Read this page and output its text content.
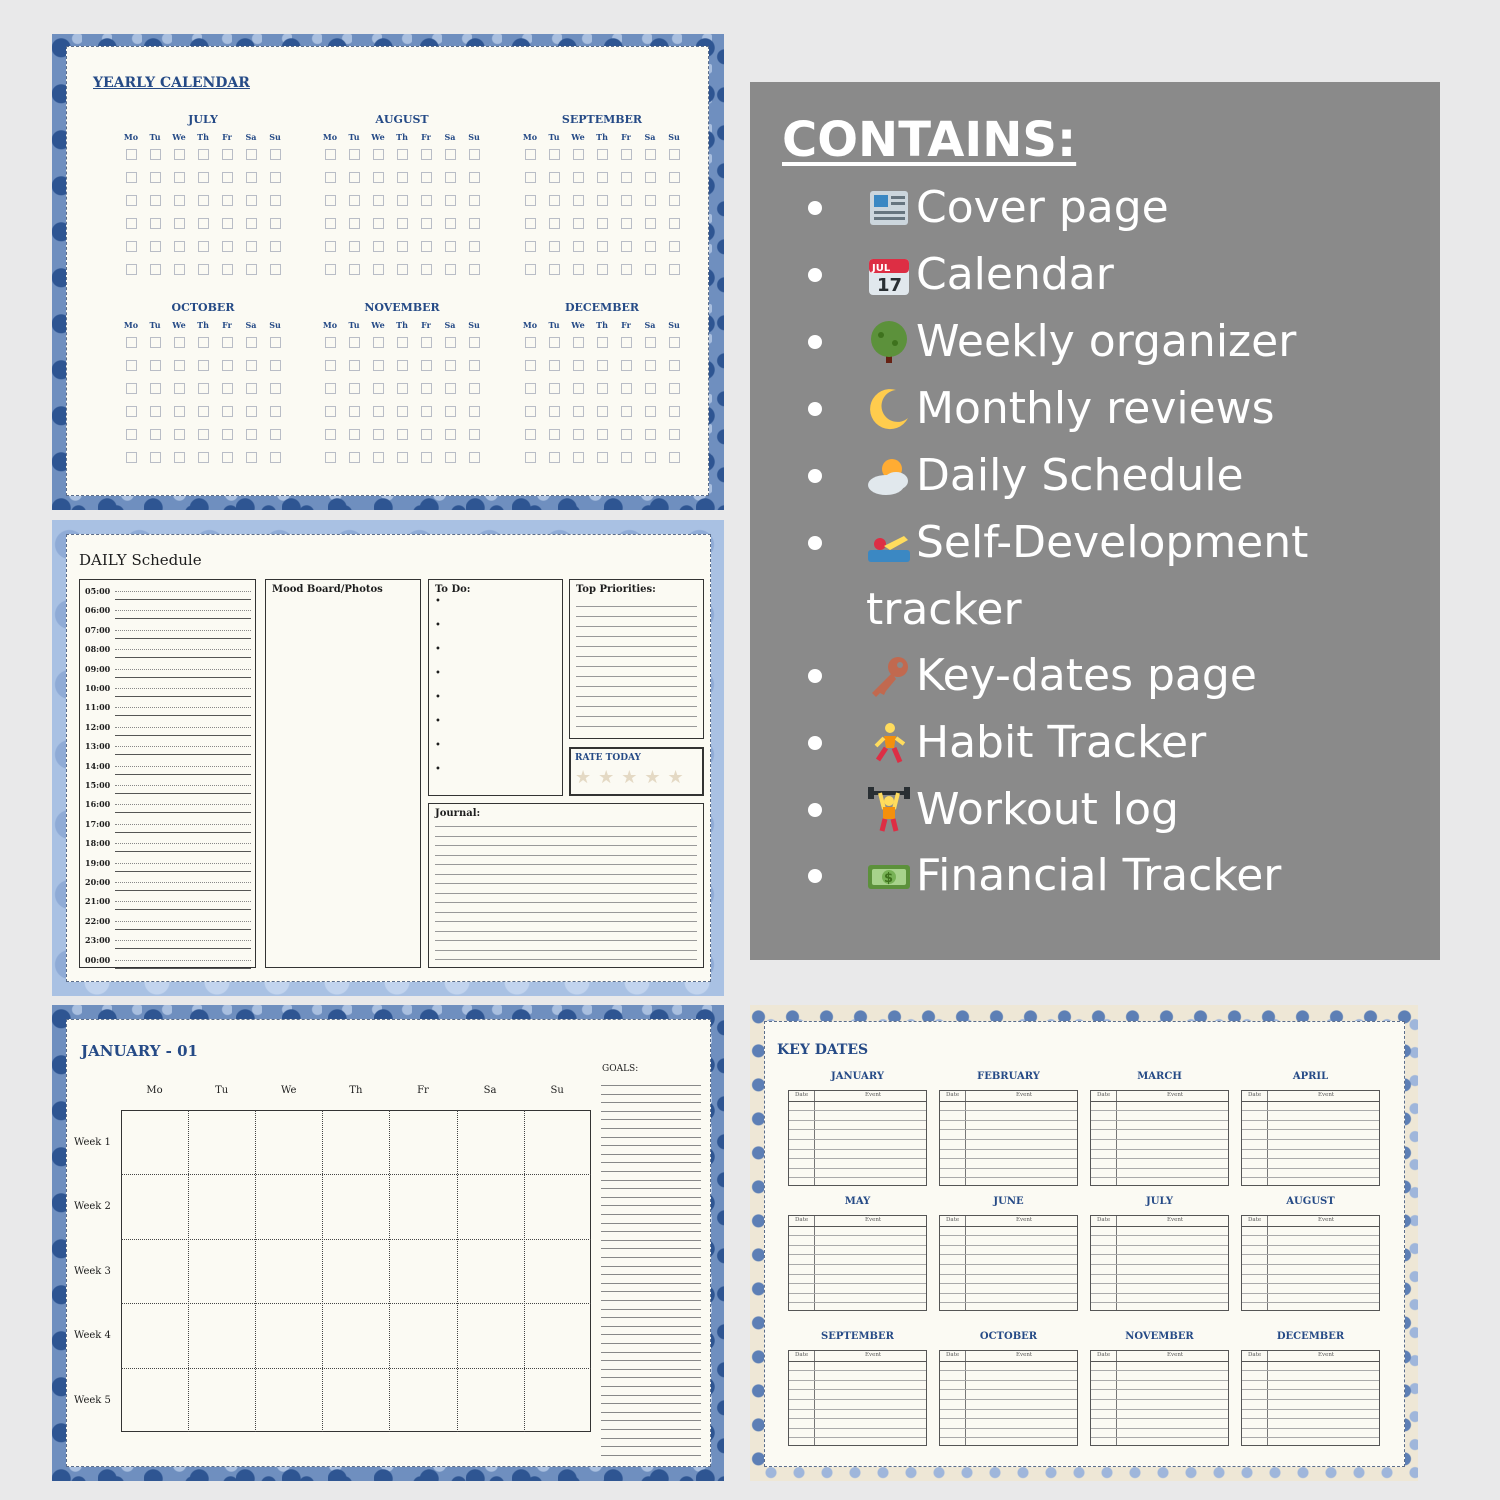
YEARLY CALENDAR
JULY
Mo	Tu	We Th	Fr	Sa	Su
AUGUST
Mo	Tu	We Th	Fr	Sa	Su
SEPTEMBER
Mo	Tu	We Th	Fr	Sa	Su
OCTOBER
Mo	Tu	We Th	Fr	Sa	Su
NOVEMBER
Mo	Tu	We Th	Fr	Sa	Su
DECEMBER
Mo	Tu	We Th	Fr	Sa	Su
DAILY Schedule
05:00
06:00
07:00
08:00
09:00
10:00
11:00
12:00
13:00
14:00
15:00
16:00
17:00
18:00
19:00
20:00
21:00
22:00
23:00
00:00
Mood Board/Photos	To Do:
•
•
•
•
•
•
•
•
Top Priorities:
RATE TODAY
★★★★★
Journal:
JANUARY - 01
GOALS:
Mo	Tu	We	Th	Fr	Sa	Su
Week 1
Week 2
Week 3
Week 4
Week 5
KEY DATES
JANUARY
Date	Event
FEBRUARY
Date	Event
MARCH
Date	Event
APRIL
Date	Event
MAY
Date	Event
JUNE
Date	Event
JULY
Date	Event
AUGUST
Date	Event
SEPTEMBER
Date	Event
OCTOBER
Date	Event
NOVEMBER
Date	Event
DECEMBER
Date	Event
CONTAINS:
Cover page
JUL
17 Calendar
Weekly organizer
Monthly reviews
Daily Schedule
Self-Development
tracker
Key-dates page
Habit Tracker
Workout log
$ Financial Tracker
